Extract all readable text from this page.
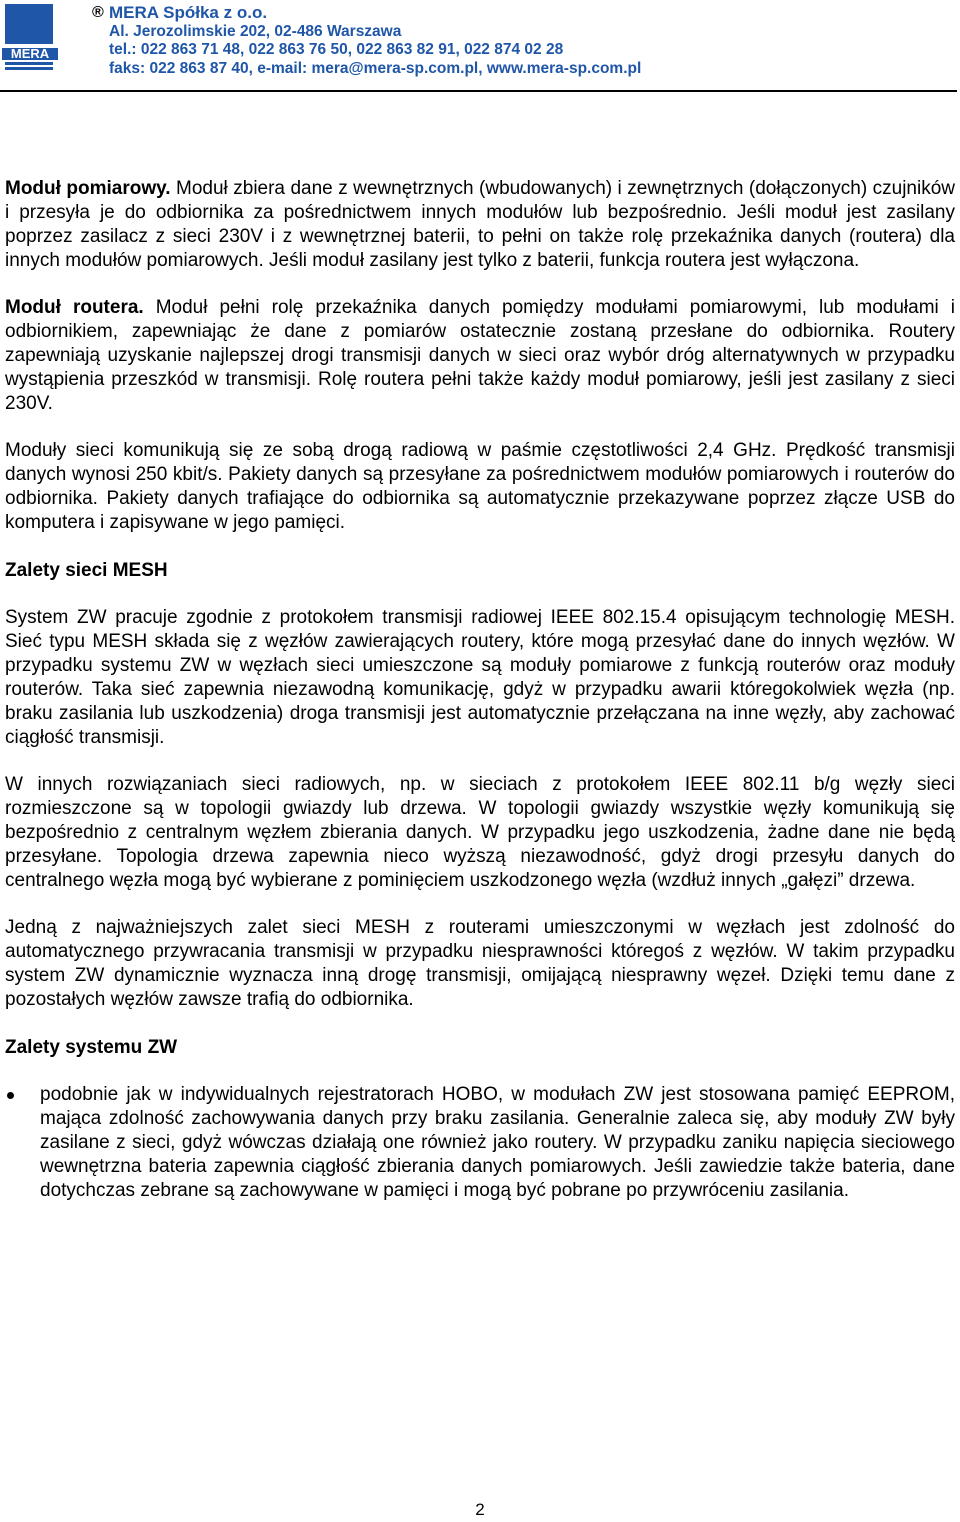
MERA
® MERA Spółka z o.o.
Al. Jerozolimskie 202, 02-486 Warszawa
tel.: 022 863 71 48, 022 863 76 50, 022 863 82 91, 022 874 02 28
faks: 022 863 87 40, e-mail: mera@mera-sp.com.pl, www.mera-sp.com.pl

Moduł pomiarowy. Moduł zbiera dane z wewnętrznych (wbudowanych) i zewnętrznych (dołączonych) czujników i przesyła je do odbiornika za pośrednictwem innych modułów lub bezpośrednio. Jeśli moduł jest zasilany poprzez zasilacz z sieci 230V i z wewnętrznej baterii, to pełni on także rolę przekaźnika danych (routera) dla innych modułów pomiarowych. Jeśli moduł zasilany jest tylko z baterii, funkcja routera jest wyłączona.

Moduł routera. Moduł pełni rolę przekaźnika danych pomiędzy modułami pomiarowymi, lub modułami i odbiornikiem, zapewniając że dane z pomiarów ostatecznie zostaną przesłane do odbiornika. Routery zapewniają uzyskanie najlepszej drogi transmisji danych w sieci oraz wybór dróg alternatywnych w przypadku wystąpienia przeszkód w transmisji. Rolę routera pełni także każdy moduł pomiarowy, jeśli jest zasilany z sieci 230V.

Moduły sieci komunikują się ze sobą drogą radiową w paśmie częstotliwości 2,4 GHz. Prędkość transmisji danych wynosi 250 kbit/s. Pakiety danych są przesyłane za pośrednictwem modułów pomiarowych i routerów do odbiornika. Pakiety danych trafiające do odbiornika są automatycznie przekazywane poprzez złącze USB do komputera i zapisywane w jego pamięci.

Zalety sieci MESH

System ZW pracuje zgodnie z protokołem transmisji radiowej IEEE 802.15.4 opisującym technologię MESH. Sieć typu MESH składa się z węzłów zawierających routery, które mogą przesyłać dane do innych węzłów. W przypadku systemu ZW w węzłach sieci umieszczone są moduły pomiarowe z funkcją routerów oraz moduły routerów. Taka sieć zapewnia niezawodną komunikację, gdyż w przypadku awarii któregokolwiek węzła (np. braku zasilania lub uszkodzenia) droga transmisji jest automatycznie przełączana na inne węzły, aby zachować ciągłość transmisji.

W innych rozwiązaniach sieci radiowych, np. w sieciach z protokołem IEEE 802.11 b/g węzły sieci rozmieszczone są w topologii gwiazdy lub drzewa. W topologii gwiazdy wszystkie węzły komunikują się bezpośrednio z centralnym węzłem zbierania danych. W przypadku jego uszkodzenia, żadne dane nie będą przesyłane. Topologia drzewa zapewnia nieco wyższą niezawodność, gdyż drogi przesyłu danych do centralnego węzła mogą być wybierane z pominięciem uszkodzonego węzła (wzdłuż innych „gałęzi” drzewa.

Jedną z najważniejszych zalet sieci MESH z routerami umieszczonymi w węzłach jest zdolność do automatycznego przywracania transmisji w przypadku niesprawności któregoś z węzłów. W takim przypadku system ZW dynamicznie wyznacza inną drogę transmisji, omijającą niesprawny węzeł. Dzięki temu dane z pozostałych węzłów zawsze trafią do odbiornika.

Zalety systemu ZW
podobnie jak w indywidualnych rejestratorach HOBO, w modułach ZW jest stosowana pamięć EEPROM, mająca zdolność zachowywania danych przy braku zasilania. Generalnie zaleca się, aby moduły ZW były zasilane z sieci, gdyż wówczas działają one również jako routery. W przypadku zaniku napięcia sieciowego wewnętrzna bateria zapewnia ciągłość zbierania danych pomiarowych. Jeśli zawiedzie także bateria, dane dotychczas zebrane są zachowywane w pamięci i mogą być pobrane po przywróceniu zasilania.
2
